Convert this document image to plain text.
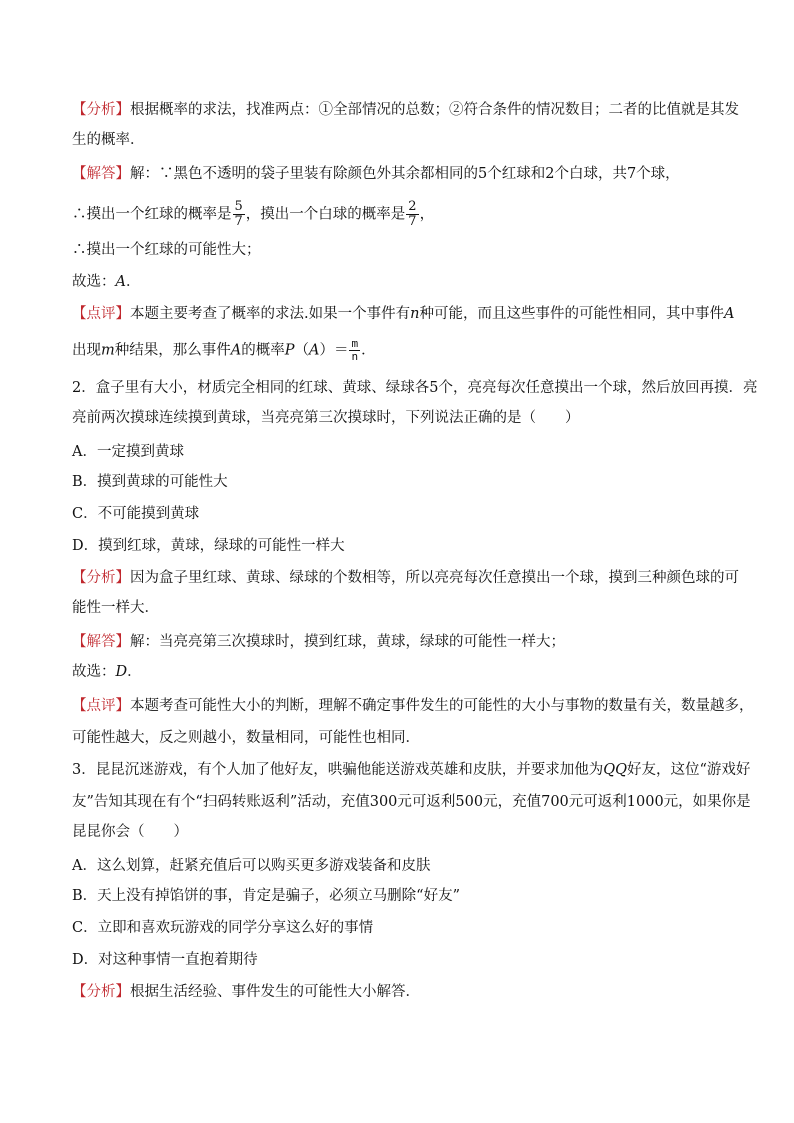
【分析】根据概率的求法，找准两点：①全部情况的总数；②符合条件的情况数目；二者的比值就是其发
生的概率．
【解答】解：∵黑色不透明的袋子里装有除颜色外其余都相同的5个红球和2个白球，共7个球，
∴摸出一个红球的概率是 $\frac{5}{7}$ ，摸出一个白球的概率是 $\frac{2}{7}$ ，
∴摸出一个红球的可能性大；
故选：A．
【点评】本题主要考查了概率的求法.如果一个事件有n种可能，而且这些事件的可能性相同，其中事件A
出现m种结果，那么事件A的概率$P(A)= \frac{m}{n}$ ．
2．盒子里有大小，材质完全相同的红球、黄球、绿球各5个，亮亮每次任意摸出一个球，然后放回再摸．亮
亮前两次摸球连续摸到黄球，当亮亮第三次摸球时，下列说法正确的是（　　）
A．一定摸到黄球
B．摸到黄球的可能性大
C．不可能摸到黄球
D．摸到红球，黄球，绿球的可能性一样大
【分析】因为盒子里红球、黄球、绿球的个数相等，所以亮亮每次任意摸出一个球，摸到三种颜色球的可
能性一样大．
【解答】解：当亮亮第三次摸球时，摸到红球，黄球，绿球的可能性一样大；
故选：D．
【点评】本题考查可能性大小的判断，理解不确定事件发生的可能性的大小与事物的数量有关，数量越多，
可能性越大，反之则越小，数量相同，可能性也相同．
3．昆昆沉迷游戏，有个人加了他好友，哄骗他能送游戏英雄和皮肤，并要求加他为QQ好友，这位“游戏好
友”告知其现在有个“扫码转账返利”活动，充值300元可返利500元，充值700元可返利1000元，如果你是
昆昆你会（　　）
A．这么划算，赶紧充值后可以购买更多游戏装备和皮肤
B．天上没有掉馅饼的事，肯定是骗子，必须立马删除“好友”
C．立即和喜欢玩游戏的同学分享这么好的事情
D．对这种事情一直抱着期待
【分析】根据生活经验、事件发生的可能性大小解答．
